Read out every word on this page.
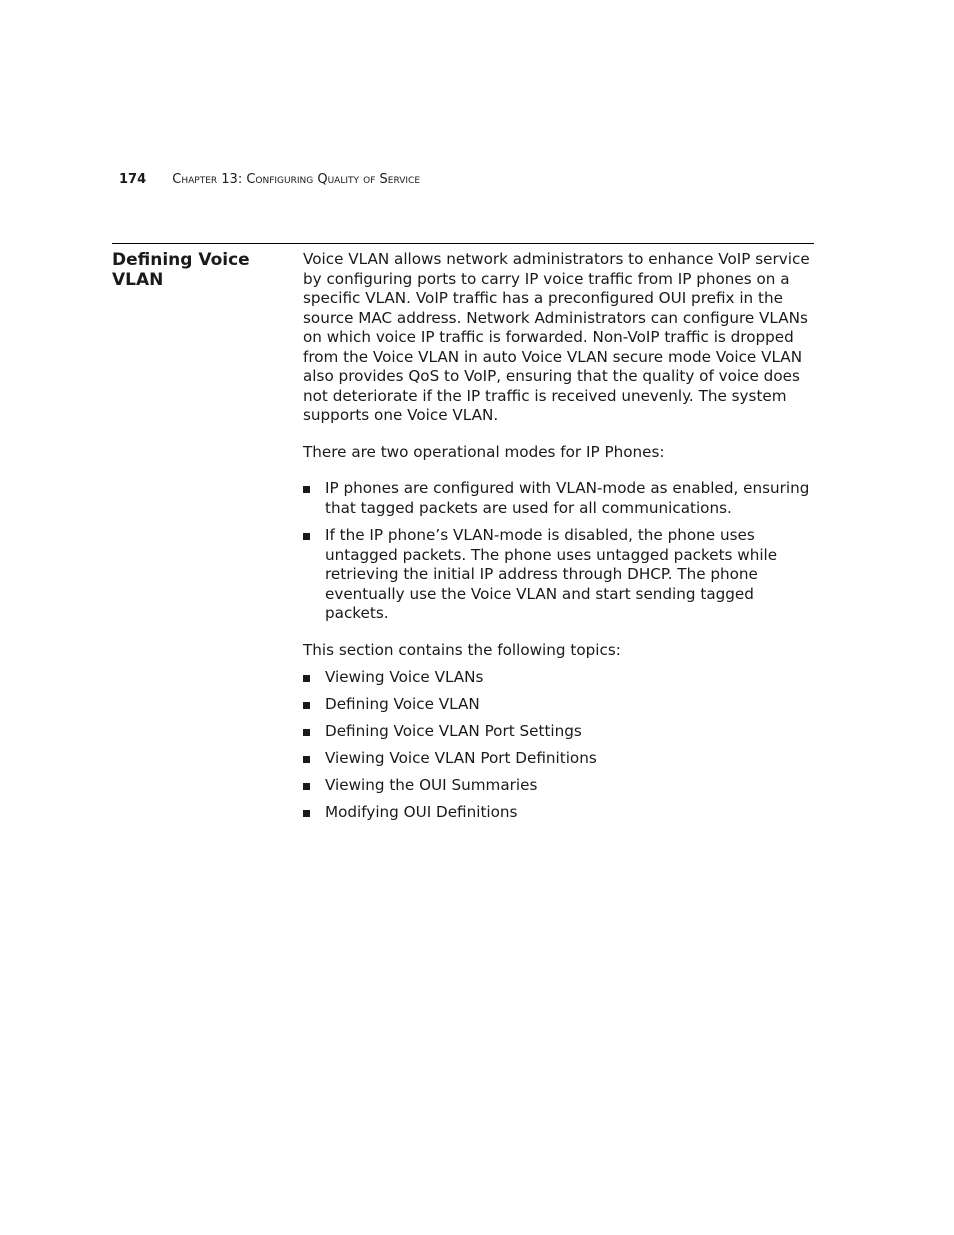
174 Chapter 13: Configuring Quality of Service
Defining Voice VLAN

Voice VLAN allows network administrators to enhance VoIP service by configuring ports to carry IP voice traffic from IP phones on a specific VLAN. VoIP traffic has a preconfigured OUI prefix in the source MAC address. Network Administrators can configure VLANs on which voice IP traffic is forwarded. Non-VoIP traffic is dropped from the Voice VLAN in auto Voice VLAN secure mode Voice VLAN also provides QoS to VoIP, ensuring that the quality of voice does not deteriorate if the IP traffic is received unevenly. The system supports one Voice VLAN.

There are two operational modes for IP Phones:

IP phones are configured with VLAN-mode as enabled, ensuring that tagged packets are used for all communications.
If the IP phone’s VLAN-mode is disabled, the phone uses untagged packets. The phone uses untagged packets while retrieving the initial IP address through DHCP. The phone eventually use the Voice VLAN and start sending tagged packets.

This section contains the following topics:

Viewing Voice VLANs
Defining Voice VLAN
Defining Voice VLAN Port Settings
Viewing Voice VLAN Port Definitions
Viewing the OUI Summaries
Modifying OUI Definitions
